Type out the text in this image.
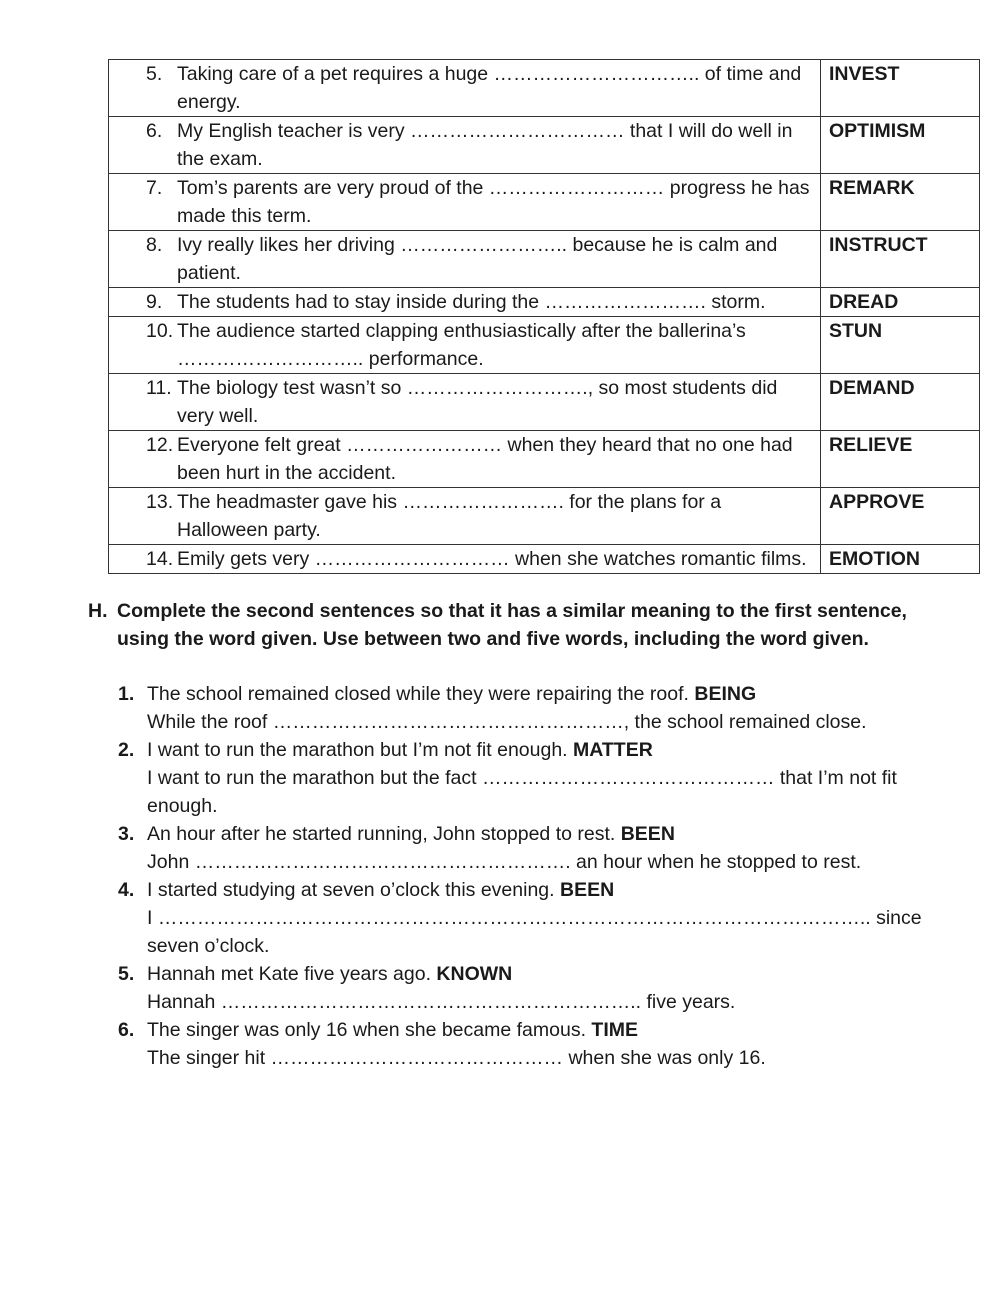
5. Taking care of a pet requires a huge ………………………….. of time and energy.	INVEST

6. My English teacher is very …………………………… that I will do well in the exam.	OPTIMISM

7. Tom’s parents are very proud of the ……………………… progress he has made this term.	REMARK

8. Ivy really likes her driving …………………….. because he is calm and patient.	INSTRUCT

9. The students had to stay inside during the ……………………. storm.	DREAD

10. The audience started clapping enthusiastically after the ballerina’s ……………………….. performance.	STUN

11. The biology test wasn’t so ………………………., so most students did very well.	DEMAND

12. Everyone felt great …………………… when they heard that no one had been hurt in the accident.	RELIEVE

13. The headmaster gave his ……………………. for the plans for a Halloween party.	APPROVE

14. Emily gets very ………………………… when she watches romantic films.	EMOTION
H. Complete the second sentences so that it has a similar meaning to the first sentence, using the word given. Use between two and five words, including the word given.
1. The school remained closed while they were repairing the roof. BEING
While the roof ………………………………………………, the school remained close.
2. I want to run the marathon but I’m not fit enough. MATTER
I want to run the marathon but the fact ……………………………………… that I’m not fit enough.
3. An hour after he started running, John stopped to rest. BEEN
John …………………………………………………. an hour when he stopped to rest.
4. I started studying at seven o’clock this evening. BEEN
I ……………………………………………………………………………………………….. since seven o’clock.
5. Hannah met Kate five years ago. KNOWN
Hannah ……………………………………………………….. five years.
6. The singer was only 16 when she became famous. TIME
The singer hit ……………………………………… when she was only 16.
